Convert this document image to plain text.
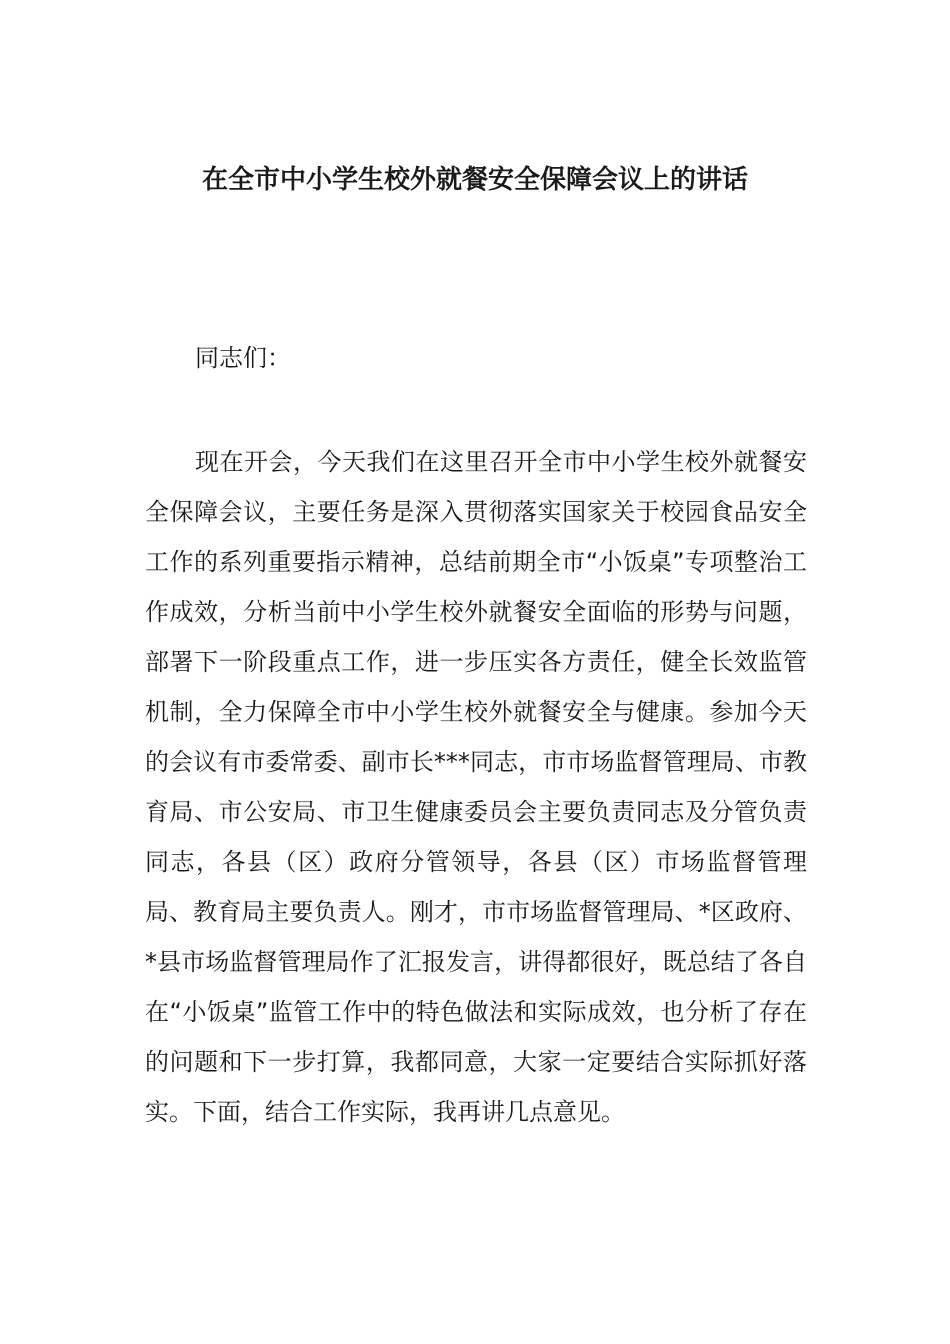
在全市中小学生校外就餐安全保障会议上的讲话

同志们：

现在开会，今天我们在这里召开全市中小学生校外就餐安全保障会议，主要任务是深入贯彻落实国家关于校园食品安全工作的系列重要指示精神，总结前期全市“小饭桌”专项整治工作成效，分析当前中小学生校外就餐安全面临的形势与问题，部署下一阶段重点工作，进一步压实各方责任，健全长效监管机制，全力保障全市中小学生校外就餐安全与健康。参加今天的会议有市委常委、副市长***同志，市市场监督管理局、市教育局、市公安局、市卫生健康委员会主要负责同志及分管负责同志，各县（区）政府分管领导，各县（区）市场监督管理局、教育局主要负责人。刚才，市市场监督管理局、*区政府、*县市场监督管理局作了汇报发言，讲得都很好，既总结了各自在“小饭桌”监管工作中的特色做法和实际成效，也分析了存在的问题和下一步打算，我都同意，大家一定要结合实际抓好落实。下面，结合工作实际，我再讲几点意见。
